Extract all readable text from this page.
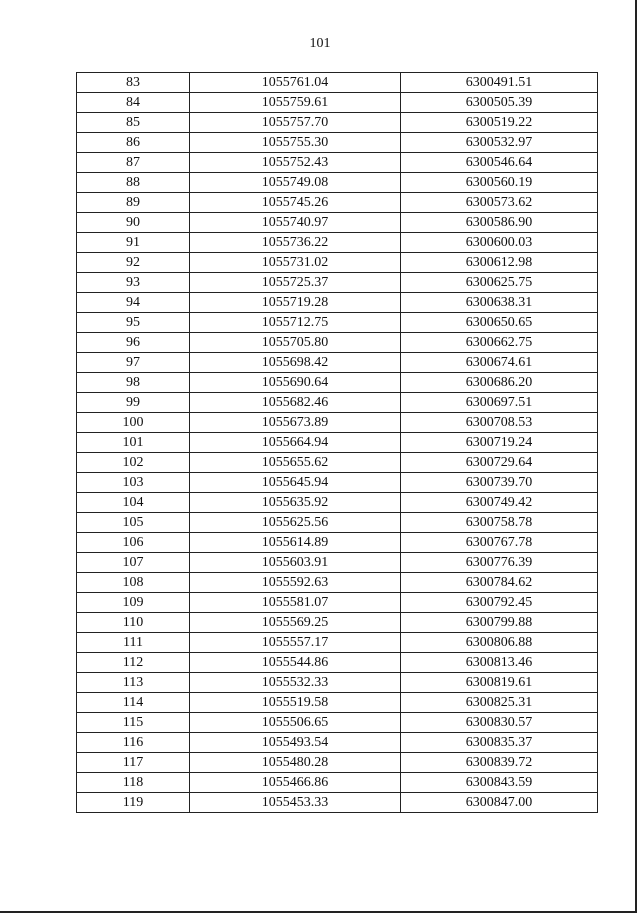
101
83	1055761.04	6300491.51
84	1055759.61	6300505.39
85	1055757.70	6300519.22
86	1055755.30	6300532.97
87	1055752.43	6300546.64
88	1055749.08	6300560.19
89	1055745.26	6300573.62
90	1055740.97	6300586.90
91	1055736.22	6300600.03
92	1055731.02	6300612.98
93	1055725.37	6300625.75
94	1055719.28	6300638.31
95	1055712.75	6300650.65
96	1055705.80	6300662.75
97	1055698.42	6300674.61
98	1055690.64	6300686.20
99	1055682.46	6300697.51
100	1055673.89	6300708.53
101	1055664.94	6300719.24
102	1055655.62	6300729.64
103	1055645.94	6300739.70
104	1055635.92	6300749.42
105	1055625.56	6300758.78
106	1055614.89	6300767.78
107	1055603.91	6300776.39
108	1055592.63	6300784.62
109	1055581.07	6300792.45
110	1055569.25	6300799.88
111	1055557.17	6300806.88
112	1055544.86	6300813.46
113	1055532.33	6300819.61
114	1055519.58	6300825.31
115	1055506.65	6300830.57
116	1055493.54	6300835.37
117	1055480.28	6300839.72
118	1055466.86	6300843.59
119	1055453.33	6300847.00
